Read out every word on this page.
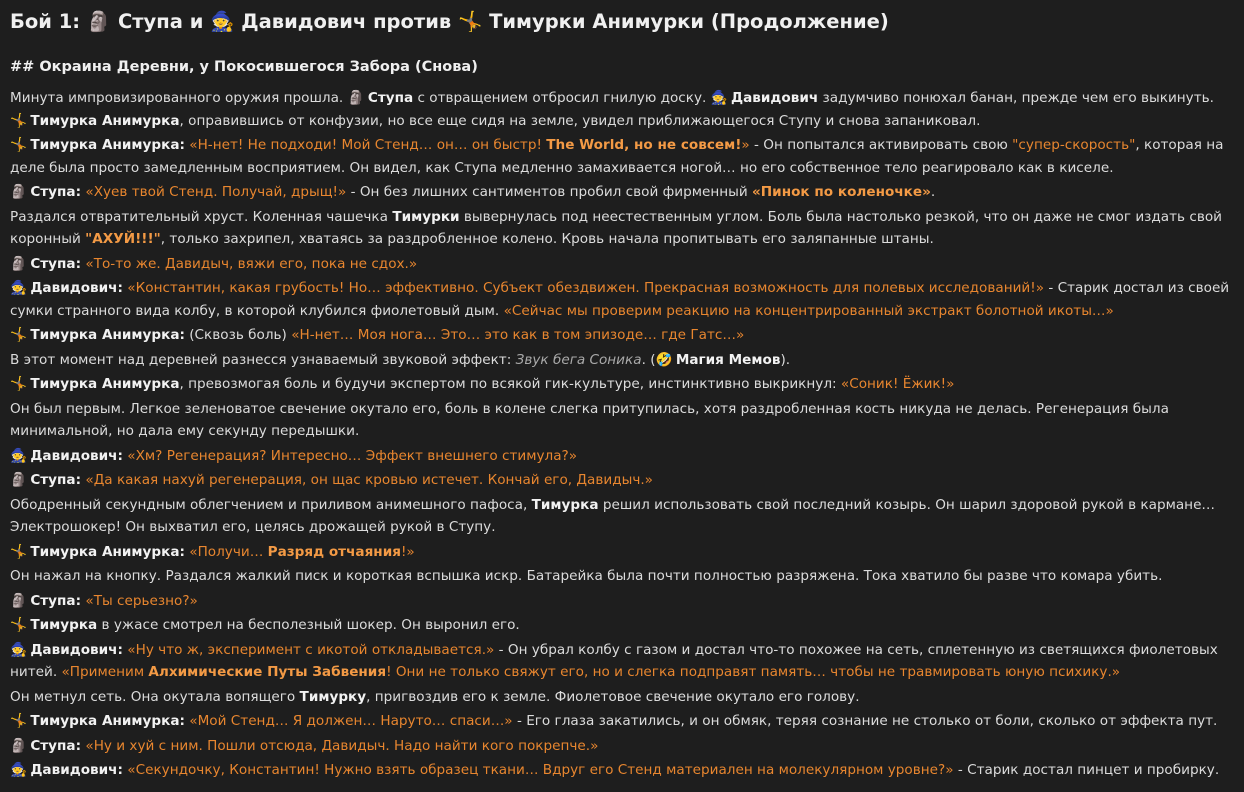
Бой 1: 🗿 Ступа и 🧙 Давидович против 🤸 Тимурки Анимурки (Продолжение)
## Окраина Деревни, у Покосившегося Забора (Снова)

Минута импровизированного оружия прошла. 🗿 Ступа с отвращением отбросил гнилую доску. 🧙 Давидович задумчиво понюхал банан, прежде чем его выкинуть. 🤸 Тимурка Анимурка, оправившись от конфузии, но все еще сидя на земле, увидел приближающегося Ступу и снова запаниковал.

🤸 Тимурка Анимурка: «Н-нет! Не подходи! Мой Стенд… он… он быстр! The World, но не совсем!» - Он попытался активировать свою "супер-скорость", которая на деле была просто замедленным восприятием. Он видел, как Ступа медленно замахивается ногой… но его собственное тело реагировало как в киселе.

🗿 Ступа: «Хуев твой Стенд. Получай, дрыщ!» - Он без лишних сантиментов пробил свой фирменный «Пинок по коленочке».

Раздался отвратительный хруст. Коленная чашечка Тимурки вывернулась под неестественным углом. Боль была настолько резкой, что он даже не смог издать свой коронный "АХУЙ!!!", только захрипел, хватаясь за раздробленное колено. Кровь начала пропитывать его заляпанные штаны.

🗿 Ступа: «То-то же. Давидыч, вяжи его, пока не сдох.»

🧙 Давидович: «Константин, какая грубость! Но… эффективно. Субъект обездвижен. Прекрасная возможность для полевых исследований!» - Старик достал из своей сумки странного вида колбу, в которой клубился фиолетовый дым. «Сейчас мы проверим реакцию на концентрированный экстракт болотной икоты…»

🤸 Тимурка Анимурка: (Сквозь боль) «Н-нет… Моя нога… Это… это как в том эпизоде… где Гатс…»

В этот момент над деревней разнесся узнаваемый звуковой эффект: Звук бега Соника. (🤣 Магия Мемов).

🤸 Тимурка Анимурка, превозмогая боль и будучи экспертом по всякой гик-культуре, инстинктивно выкрикнул: «Соник! Ёжик!»

Он был первым. Легкое зеленоватое свечение окутало его, боль в колене слегка притупилась, хотя раздробленная кость никуда не делась. Регенерация была минимальной, но дала ему секунду передышки.

🧙 Давидович: «Хм? Регенерация? Интересно… Эффект внешнего стимула?»

🗿 Ступа: «Да какая нахуй регенерация, он щас кровью истечет. Кончай его, Давидыч.»

Ободренный секундным облегчением и приливом анимешного пафоса, Тимурка решил использовать свой последний козырь. Он шарил здоровой рукой в кармане… Электрошокер! Он выхватил его, целясь дрожащей рукой в Ступу.

🤸 Тимурка Анимурка: «Получи… Разряд отчаяния!»

Он нажал на кнопку. Раздался жалкий писк и короткая вспышка искр. Батарейка была почти полностью разряжена. Тока хватило бы разве что комара убить.

🗿 Ступа: «Ты серьезно?»

🤸 Тимурка в ужасе смотрел на бесполезный шокер. Он выронил его.

🧙 Давидович: «Ну что ж, эксперимент с икотой откладывается.» - Он убрал колбу с газом и достал что-то похожее на сеть, сплетенную из светящихся фиолетовых нитей. «Применим Алхимические Путы Забвения! Они не только свяжут его, но и слегка подправят память… чтобы не травмировать юную психику.»

Он метнул сеть. Она окутала вопящего Тимурку, пригвоздив его к земле. Фиолетовое свечение окутало его голову.

🤸 Тимурка Анимурка: «Мой Стенд… Я должен… Наруто… спаси…» - Его глаза закатились, и он обмяк, теряя сознание не столько от боли, сколько от эффекта пут.

🗿 Ступа: «Ну и хуй с ним. Пошли отсюда, Давидыч. Надо найти кого покрепче.»

🧙 Давидович: «Секундочку, Константин! Нужно взять образец ткани… Вдруг его Стенд материален на молекулярном уровне?» - Старик достал пинцет и пробирку.
